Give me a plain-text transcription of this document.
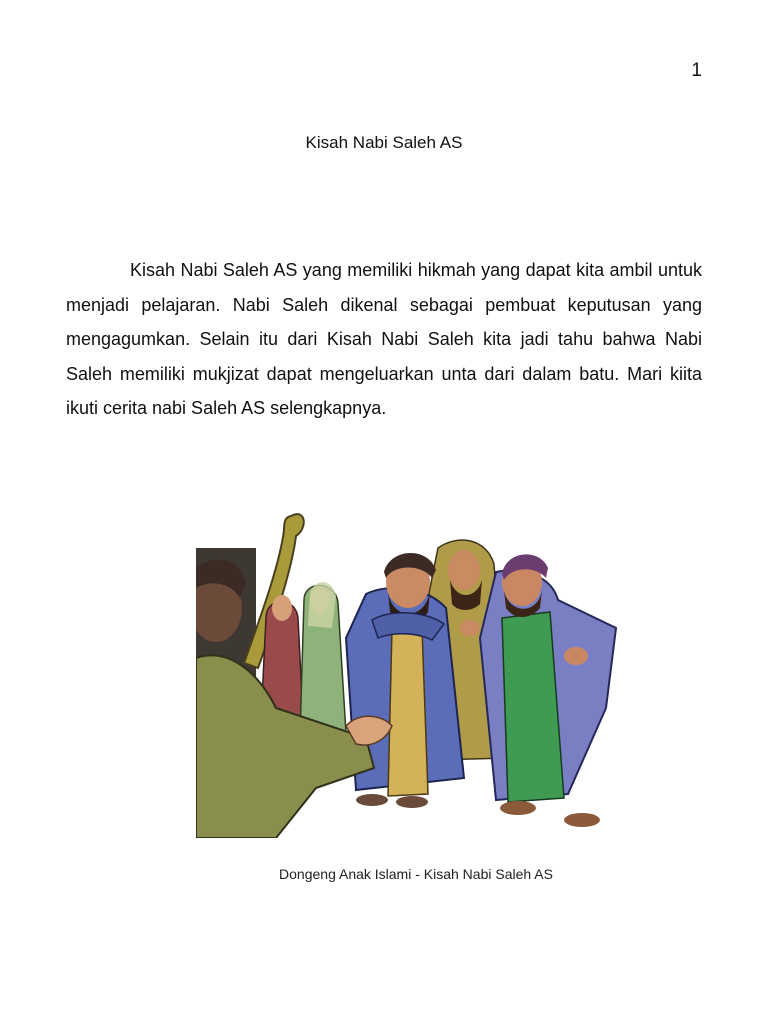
1
Kisah Nabi Saleh AS

Kisah Nabi Saleh AS yang memiliki hikmah yang dapat kita ambil untuk menjadi pelajaran. Nabi Saleh dikenal sebagai pembuat keputusan yang mengagumkan. Selain itu dari Kisah Nabi Saleh kita jadi tahu bahwa Nabi Saleh memiliki mukjizat dapat mengeluarkan unta dari dalam batu. Mari kiita ikuti cerita nabi Saleh AS selengkapnya.

Dongeng Anak Islami - Kisah Nabi Saleh AS
